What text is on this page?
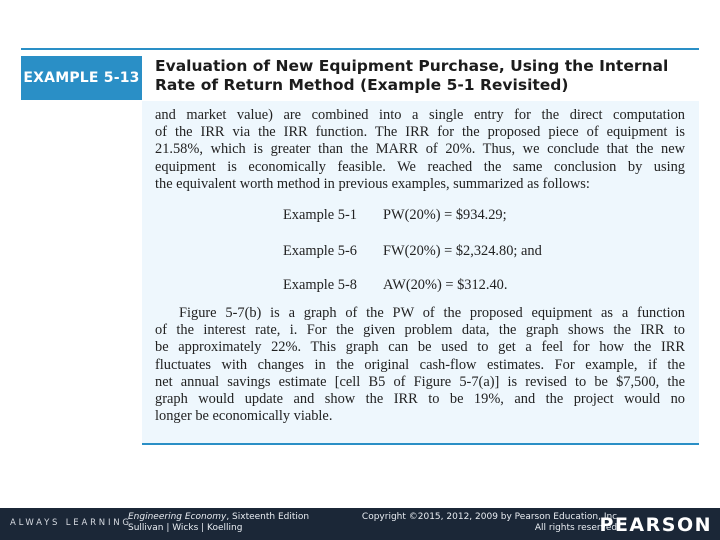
EXAMPLE 5-13
Evaluation of New Equipment Purchase, Using the Internal
Rate of Return Method (Example 5-1 Revisited)

and market value) are combined into a single entry for the direct computation
of the IRR via the IRR function. The IRR for the proposed piece of equipment is
21.58%, which is greater than the MARR of 20%. Thus, we conclude that the new
equipment is economically feasible. We reached the same conclusion by using
the equivalent worth method in previous examples, summarized as follows:

Example 5-1	PW(20%) = $934.29;
Example 5-6	FW(20%) = $2,324.80; and
Example 5-8	AW(20%) = $312.40.

Figure 5-7(b) is a graph of the PW of the proposed equipment as a function
of the interest rate, i. For the given problem data, the graph shows the IRR to
be approximately 22%. This graph can be used to get a feel for how the IRR
fluctuates with changes in the original cash-flow estimates. For example, if the
net annual savings estimate [cell B5 of Figure 5-7(a)] is revised to be $7,500, the
graph would update and show the IRR to be 19%, and the project would no
longer be economically viable.

ALWAYS LEARNING
Engineering Economy, Sixteenth Edition
Sullivan | Wicks | Koelling
Copyright ©2015, 2012, 2009 by Pearson Education, Inc.
All rights reserved.
PEARSON
